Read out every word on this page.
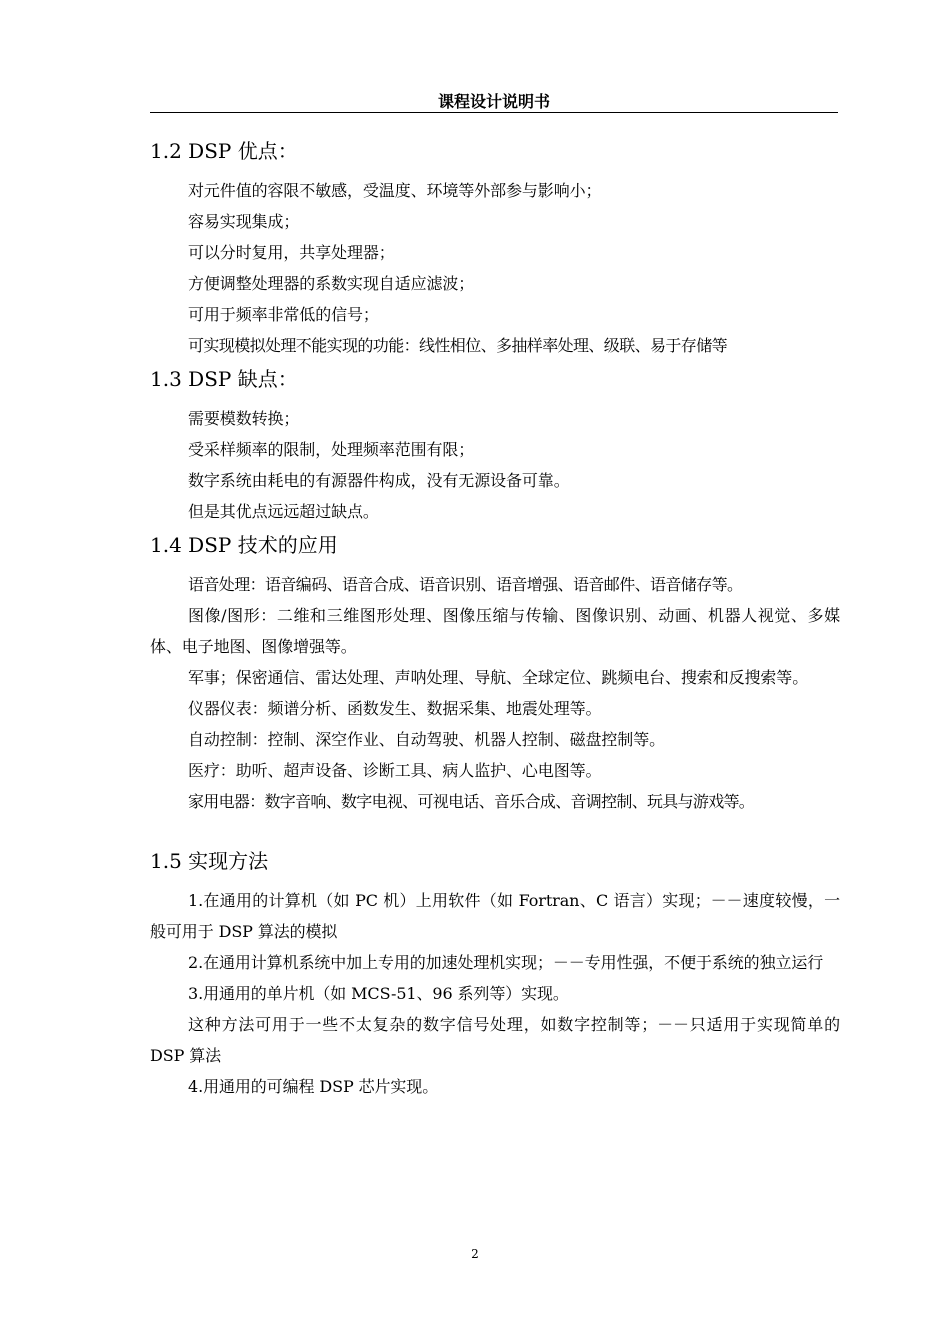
课程设计说明书
1.2 DSP 优点：

对元件值的容限不敏感，受温度、环境等外部参与影响小；

容易实现集成；

可以分时复用，共享处理器；

方便调整处理器的系数实现自适应滤波；

可用于频率非常低的信号；

可实现模拟处理不能实现的功能：线性相位、多抽样率处理、级联、易于存储等

1.3 DSP 缺点：

需要模数转换；

受采样频率的限制，处理频率范围有限；

数字系统由耗电的有源器件构成，没有无源设备可靠。

但是其优点远远超过缺点。

1.4 DSP 技术的应用

语音处理：语音编码、语音合成、语音识别、语音增强、语音邮件、语音储存等。

图像/图形：二维和三维图形处理、图像压缩与传输、图像识别、动画、机器人视觉、多媒体、电子地图、图像增强等。

军事；保密通信、雷达处理、声呐处理、导航、全球定位、跳频电台、搜索和反搜索等。

仪器仪表：频谱分析、函数发生、数据采集、地震处理等。

自动控制：控制、深空作业、自动驾驶、机器人控制、磁盘控制等。

医疗：助听、超声设备、诊断工具、病人监护、心电图等。

家用电器：数字音响、数字电视、可视电话、音乐合成、音调控制、玩具与游戏等。

1.5 实现方法

1.在通用的计算机（如 PC 机）上用软件（如 Fortran、C 语言）实现；－－速度较慢，一般可用于 DSP 算法的模拟

2.在通用计算机系统中加上专用的加速处理机实现；－－专用性强，不便于系统的独立运行

3.用通用的单片机（如 MCS-51、96 系列等）实现。

这种方法可用于一些不太复杂的数字信号处理，如数字控制等；－－只适用于实现简单的 DSP 算法

4.用通用的可编程 DSP 芯片实现。

2
